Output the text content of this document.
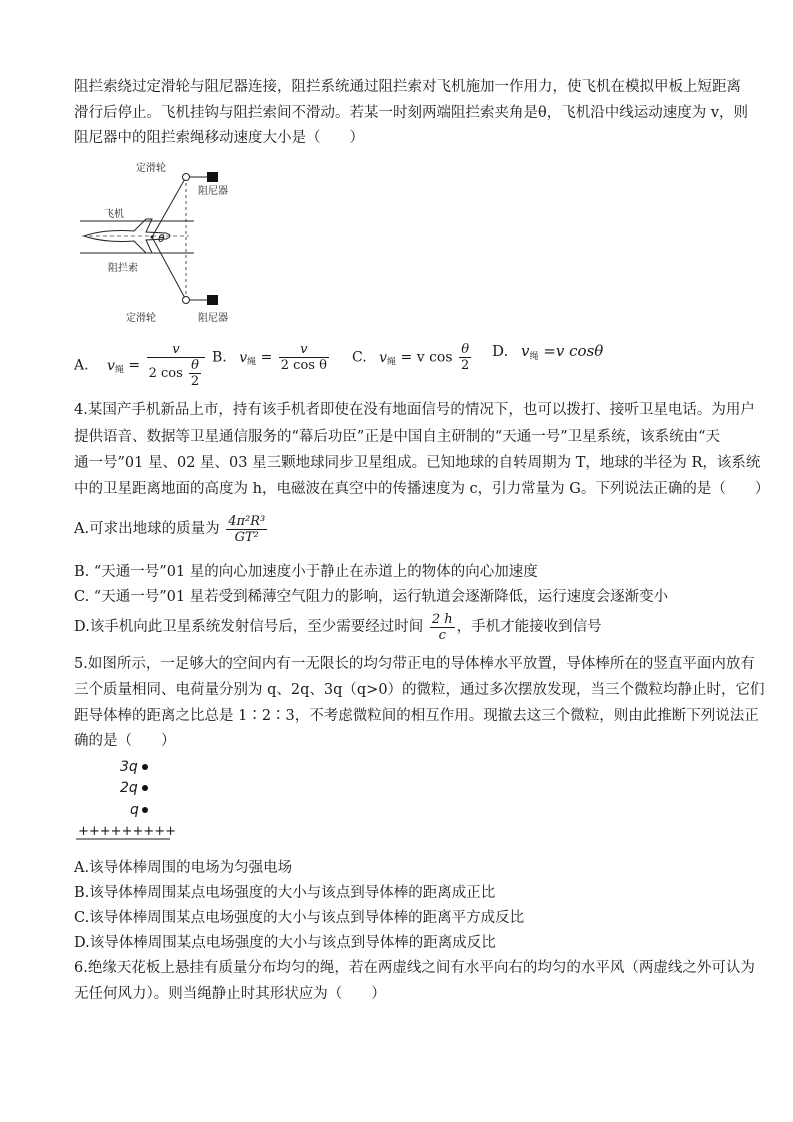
阻拦索绕过定滑轮与阻尼器连接，阻拦系统通过阻拦索对飞机施加一作用力，使飞机在模拟甲板上短距离
滑行后停止。飞机挂钩与阻拦索间不滑动。若某一时刻两端阻拦索夹角是θ，飞机沿中线运动速度为 v，则
阻尼器中的阻拦索绳移动速度大小是（　　）
定滑轮
阻尼器
飞机
θ
阻拦索
定滑轮	阻尼器
A. $v_绳 = \frac{v}{2 \cos \frac{\theta}{2}} B$. $v_绳 = \frac{v}{\text{2 cos θ}} C$. $v_绳 = v$ $\cos \frac{\theta}{2} D$. $v_绳 =v$ cosθ
4.某国产手机新品上市，持有该手机者即使在没有地面信号的情况下，也可以拨打、接听卫星电话。为用户
提供语音、数据等卫星通信服务的“幕后功臣”正是中国自主研制的“天通一号”卫星系统，该系统由“天
通一号”01 星、02 星、03 星三颗地球同步卫星组成。已知地球的自转周期为 T，地球的半径为 R，该系统
中的卫星距离地面的高度为 h，电磁波在真空中的传播速度为 c，引力常量为 G。下列说法正确的是（　　）
A.可求出地球的质量为 $\frac{\text{4π²R³}}{\text{GT²}}$
B. “天通一号”01 星的向心加速度小于静止在赤道上的物体的向心加速度
C. “天通一号”01 星若受到稀薄空气阻力的影响，运行轨道会逐渐降低，运行速度会逐渐变小
D.该手机向此卫星系统发射信号后，至少需要经过时间 $\frac{2 h}{c}$ ，手机才能接收到信号
5.如图所示，一足够大的空间内有一无限长的均匀带正电的导体棒水平放置，导体棒所在的竖直平面内放有
三个质量相同、电荷量分别为 q、2q、3q（q>0）的微粒，通过多次摆放发现，当三个微粒均静止时，它们
距导体棒的距离之比总是 1∶2∶3，不考虑微粒间的相互作用。现撤去这三个微粒，则由此推断下列说法正
确的是（　　）
3q
2q
q
+++++++++
A.该导体棒周围的电场为匀强电场
B.该导体棒周围某点电场强度的大小与该点到导体棒的距离成正比
C.该导体棒周围某点电场强度的大小与该点到导体棒的距离平方成反比
D.该导体棒周围某点电场强度的大小与该点到导体棒的距离成反比
6.绝缘天花板上悬挂有质量分布均匀的绳，若在两虚线之间有水平向右的均匀的水平风（两虚线之外可认为
无任何风力）。则当绳静止时其形状应为（　　）
